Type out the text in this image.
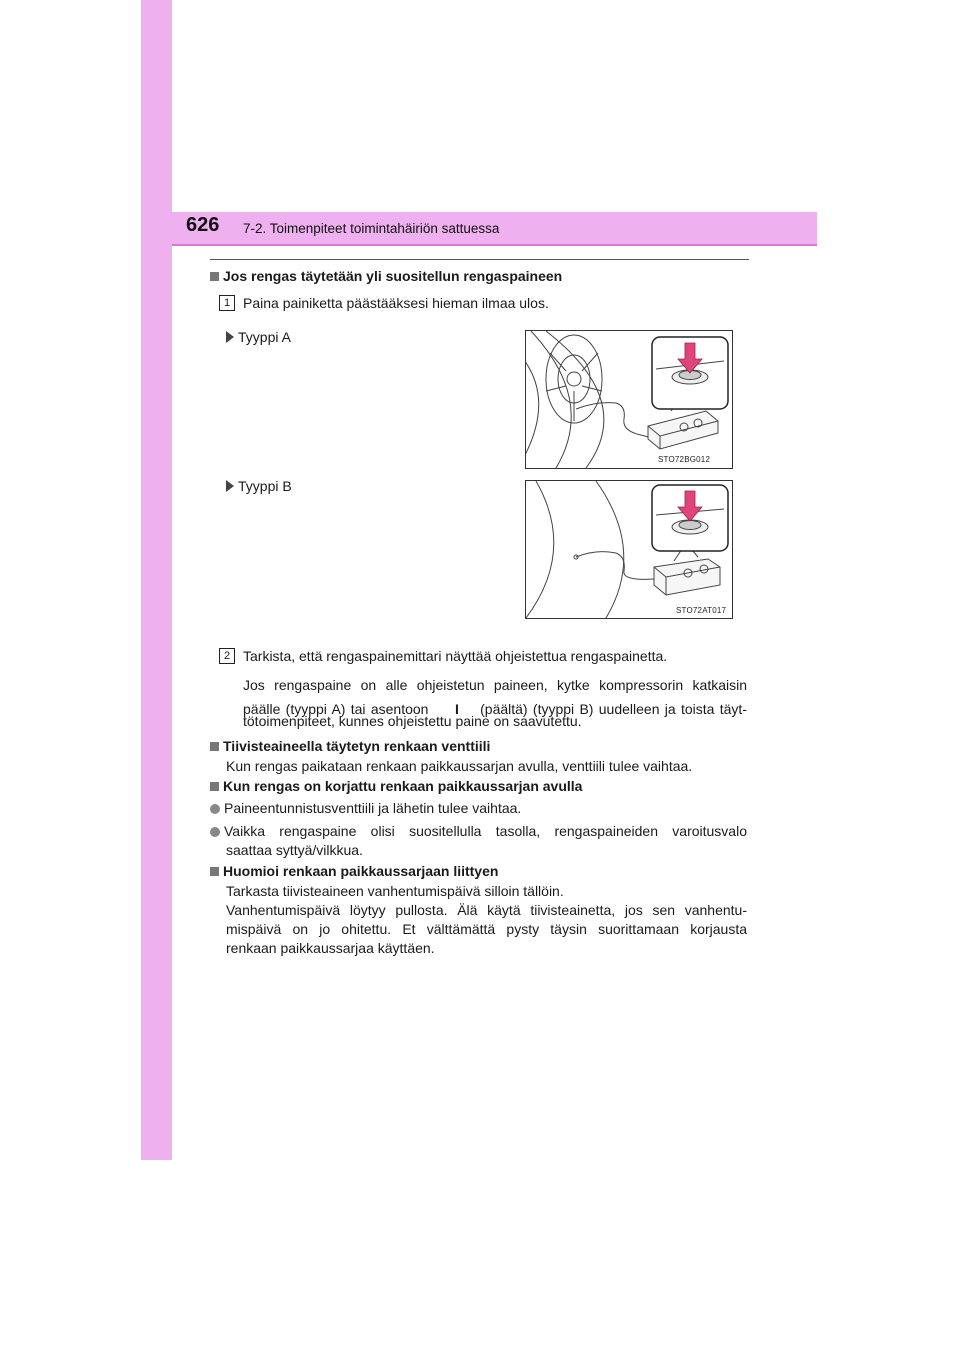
626 7-2. Toimenpiteet toimintahäiriön sattuessa
Jos rengas täytetään yli suositellun rengaspaineen
1 Paina painiketta päästääksesi hieman ilmaa ulos.
Tyyppi A
STO72BG012
Tyyppi B
STO72AT017
2 Tarkista, että rengaspainemittari näyttää ohjeistettua rengaspainetta.
Jos rengaspaine on alle ohjeistetun paineen, kytke kompressorin katkaisin
päälle (tyyppi A) tai asentoon I (päältä) (tyyppi B) uudelleen ja toista täyt-
tötoimenpiteet, kunnes ohjeistettu paine on saavutettu.
Tiivisteaineella täytetyn renkaan venttiili
Kun rengas paikataan renkaan paikkaussarjan avulla, venttiili tulee vaihtaa.
Kun rengas on korjattu renkaan paikkaussarjan avulla
Paineentunnistusventtiili ja lähetin tulee vaihtaa.
Vaikka rengaspaine olisi suositellulla tasolla, rengaspaineiden varoitusvalo
saattaa syttyä/vilkkua.
Huomioi renkaan paikkaussarjaan liittyen
Tarkasta tiivisteaineen vanhentumispäivä silloin tällöin.
Vanhentumispäivä löytyy pullosta. Älä käytä tiivisteainetta, jos sen vanhentu-
mispäivä on jo ohitettu. Et välttämättä pysty täysin suorittamaan korjausta
renkaan paikkaussarjaa käyttäen.
